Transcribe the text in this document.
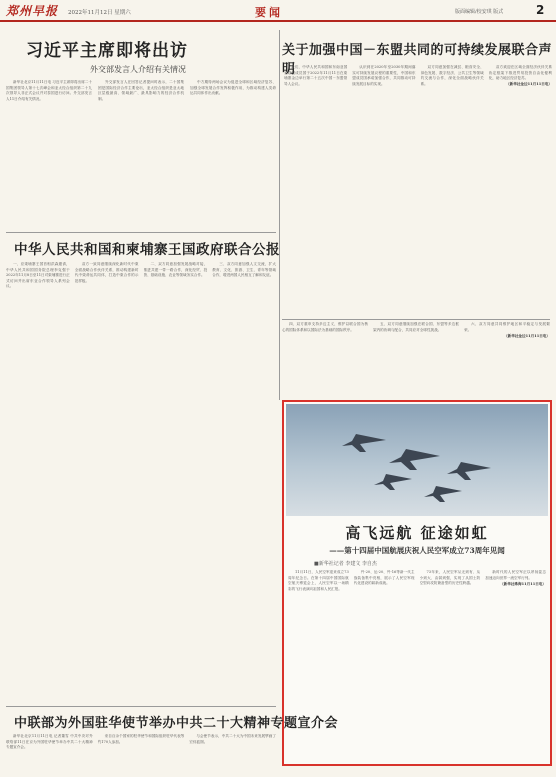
郑州早报 2022年11月12日 星期六	要闻	版面编辑/校安琪 版式	2
习近平主席即将出访
外交部发言人介绍有关情况

新华社北京11月11日电 习近平主席即将出席二十国集团领导人第十七次峰会和亚太经合组织第二十九次领导人非正式会议并对泰国进行访问。外交部发言人11日介绍有关情况。

外交部发言人在回答记者提问时表示，二十国集团是国际经济合作主要论坛，亚太经合组织是亚太地区层级最高、领域最广、最具影响力的经济合作机制。

中方期待两场会议为促进全球和区域经济复苏、加强全球发展合作发挥积极作用，为推动构建人类命运共同体作出贡献。

关于加强中国－东盟共同的可持续发展联合声明

我们，中华人民共和国和东南亚国家联盟成员国于2022年11月11日在柬埔寨金边举行第二十五次中国－东盟领导人会议。

认识到在2020年至2030年期间落实可持续发展议程的重要性，中国和东盟成员国承诺加强合作，共同推动可持续发展目标的实现。

双方同意加强在减贫、粮食安全、绿色发展、数字经济、公共卫生等领域的交流与合作，深化全面战略伙伴关系。

双方欢迎在区域全面经济伙伴关系协定框架下推进贸易投资自由化便利化，助力地区经济复苏。

（新华社金边11月11日电）
中华人民共和国和柬埔寨王国政府联合公报

一、应柬埔寨王国首相洪森邀请，中华人民共和国国务院总理李克强于2022年11月8日至11日对柬埔寨进行正式访问并出席东亚合作领导人系列会议。

双方一致同意继续深化新时代中柬全面战略合作伙伴关系，推动构建新时代中柬命运共同体，打造中柬合作的示范样板。

二、双方同意加强发展战略对接，推进共建一带一路合作，深化经贸、投资、基础设施、农业等领域务实合作。

三、双方同意加强人文交流，扩大教育、文化、旅游、卫生、青年等领域合作，增进两国人民相互了解和友谊。

四、双方重申支持多边主义，维护以联合国为核心的国际体系和以国际法为基础的国际秩序。

五、双方同意继续加强在联合国、东盟等多边框架内的协调与配合，共同应对全球性挑战。

六、双方同意共同维护地区和平稳定与发展繁荣。

（新华社金边11月11日电）
高飞远航 征途如虹
——第十四届中国航展庆祝人民空军成立73周年见闻
■新华社记者 李建文 李自杰

11月11日，人民空军迎来成立73周年纪念日。在第十四届中国国际航空航天博览会上，人民空军以一场精彩的飞行表演向祖国和人民汇报。

歼-20、运-20、歼-16等新一代主战装备集中亮相，展示了人民空军现代化建设的崭新成就。

73年来，人民空军从无到有、从小到大、由弱到强，实现了从国土防空型向攻防兼备型的历史性跨越。

新时代的人民空军正以昂扬姿态加速迈向世界一流空军行列。

（新华社珠海11月11日电）
中联部为外国驻华使节举办中共二十大精神专题宣介会

新华社北京11月11日电 记者董雪 中共中央对外联络部11日在京为外国驻华使节举办中共二十大精神专题宣介会。

来自百余个国家的驻华使节和国际组织驻华代表等约170人参加。

与会使节表示，中共二十大为中国未来发展擘画了宏伟蓝图。
